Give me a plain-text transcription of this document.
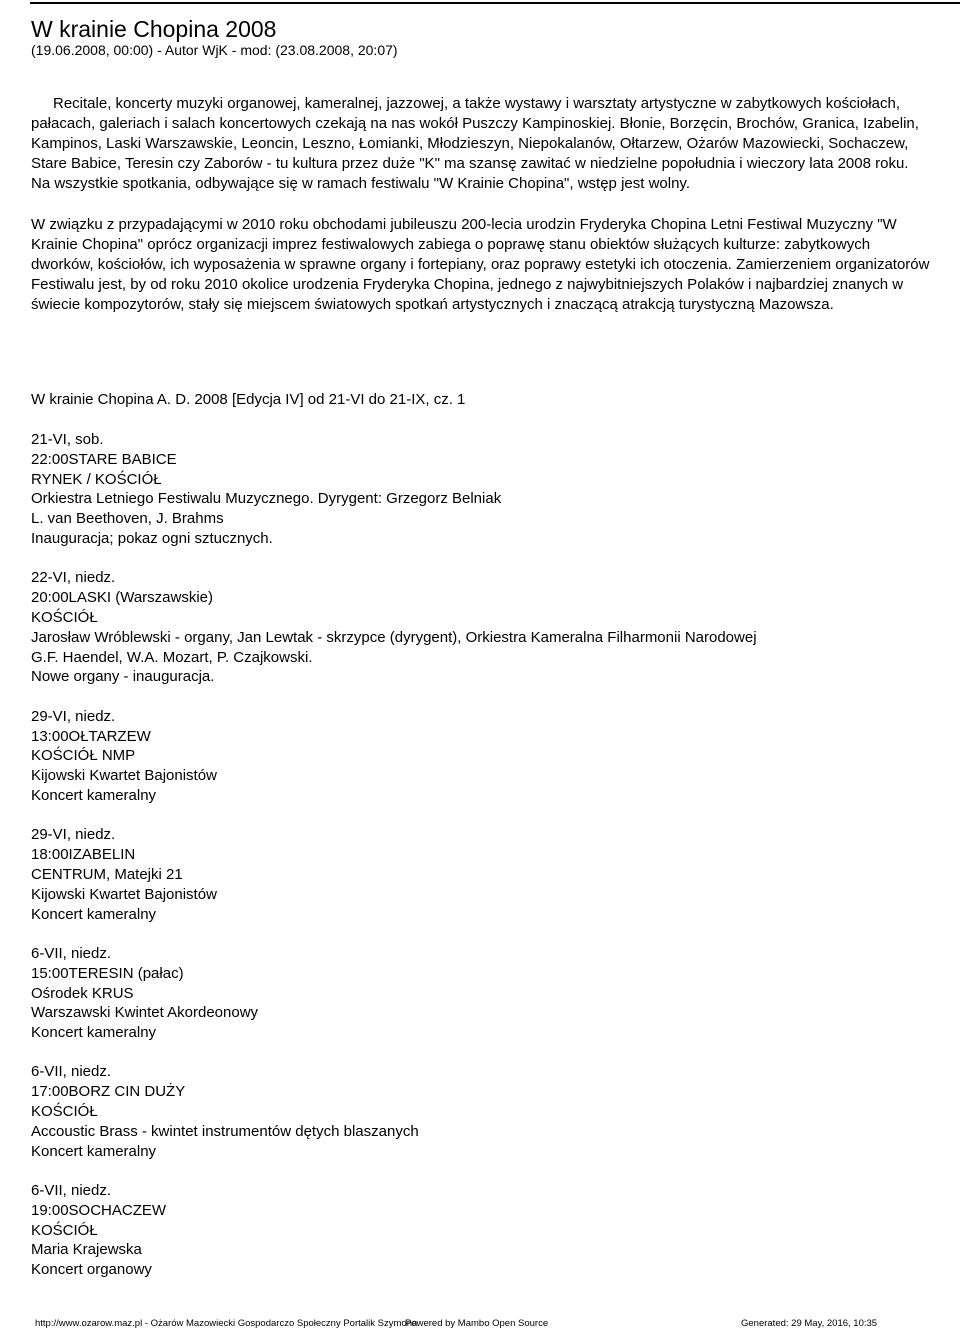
W krainie Chopina 2008
(19.06.2008, 00:00) - Autor WjK - mod: (23.08.2008, 20:07)

Recitale, koncerty muzyki organowej, kameralnej, jazzowej, a także wystawy i warsztaty artystyczne w zabytkowych kościołach, pałacach, galeriach i salach koncertowych czekają na nas wokół Puszczy Kampinoskiej. Błonie, Borzęcin, Brochów, Granica, Izabelin, Kampinos, Laski Warszawskie, Leoncin, Leszno, Łomianki, Młodzieszyn, Niepokalanów, Ołtarzew, Ożarów Mazowiecki, Sochaczew, Stare Babice, Teresin czy Zaborów - tu kultura przez duże "K" ma szansę zawitać w niedzielne popołudnia i wieczory lata 2008 roku. Na wszystkie spotkania, odbywające się w ramach festiwalu "W Krainie Chopina", wstęp jest wolny.

W związku z przypadającymi w 2010 roku obchodami jubileuszu 200-lecia urodzin Fryderyka Chopina Letni Festiwal Muzyczny "W Krainie Chopina" oprócz organizacji imprez festiwalowych zabiega o poprawę stanu obiektów służących kulturze: zabytkowych dworków, kościołów, ich wyposażenia w sprawne organy i fortepiany, oraz poprawy estetyki ich otoczenia. Zamierzeniem organizatorów Festiwalu jest, by od roku 2010 okolice urodzenia Fryderyka Chopina, jednego z najwybitniejszych Polaków i najbardziej znanych w świecie kompozytorów, stały się miejscem światowych spotkań artystycznych i znaczącą atrakcją turystyczną Mazowsza.

W krainie Chopina A. D. 2008 [Edycja IV] od 21-VI do 21-IX, cz. 1
21-VI, sob.
22:00STARE BABICE
RYNEK / KOŚCIÓŁ
Orkiestra Letniego Festiwalu Muzycznego. Dyrygent: Grzegorz Belniak
L. van Beethoven, J. Brahms
Inauguracja; pokaz ogni sztucznych.
22-VI, niedz.
20:00LASKI (Warszawskie)
KOŚCIÓŁ
Jarosław Wróblewski - organy, Jan Lewtak - skrzypce (dyrygent), Orkiestra Kameralna Filharmonii Narodowej
G.F. Haendel, W.A. Mozart, P. Czajkowski.
Nowe organy - inauguracja.
29-VI, niedz.
13:00OŁTARZEW
KOŚCIÓŁ NMP
Kijowski Kwartet Bajonistów
Koncert kameralny
29-VI, niedz.
18:00IZABELIN
CENTRUM, Matejki 21
Kijowski Kwartet Bajonistów
Koncert kameralny
6-VII, niedz.
15:00TERESIN (pałac)
Ośrodek KRUS
Warszawski Kwintet Akordeonowy
Koncert kameralny
6-VII, niedz.
17:00BORZ CIN DUŻY
KOŚCIÓŁ
Accoustic Brass - kwintet instrumentów dętych blaszanych
Koncert kameralny
6-VII, niedz.
19:00SOCHACZEW
KOŚCIÓŁ
Maria Krajewska
Koncert organowy
http://www.ozarow.maz.pl - Ożarów Mazowiecki Gospodarczo Społeczny Portalik Szymona
Powered by Mambo Open Source	Generated: 29 May, 2016, 10:35
